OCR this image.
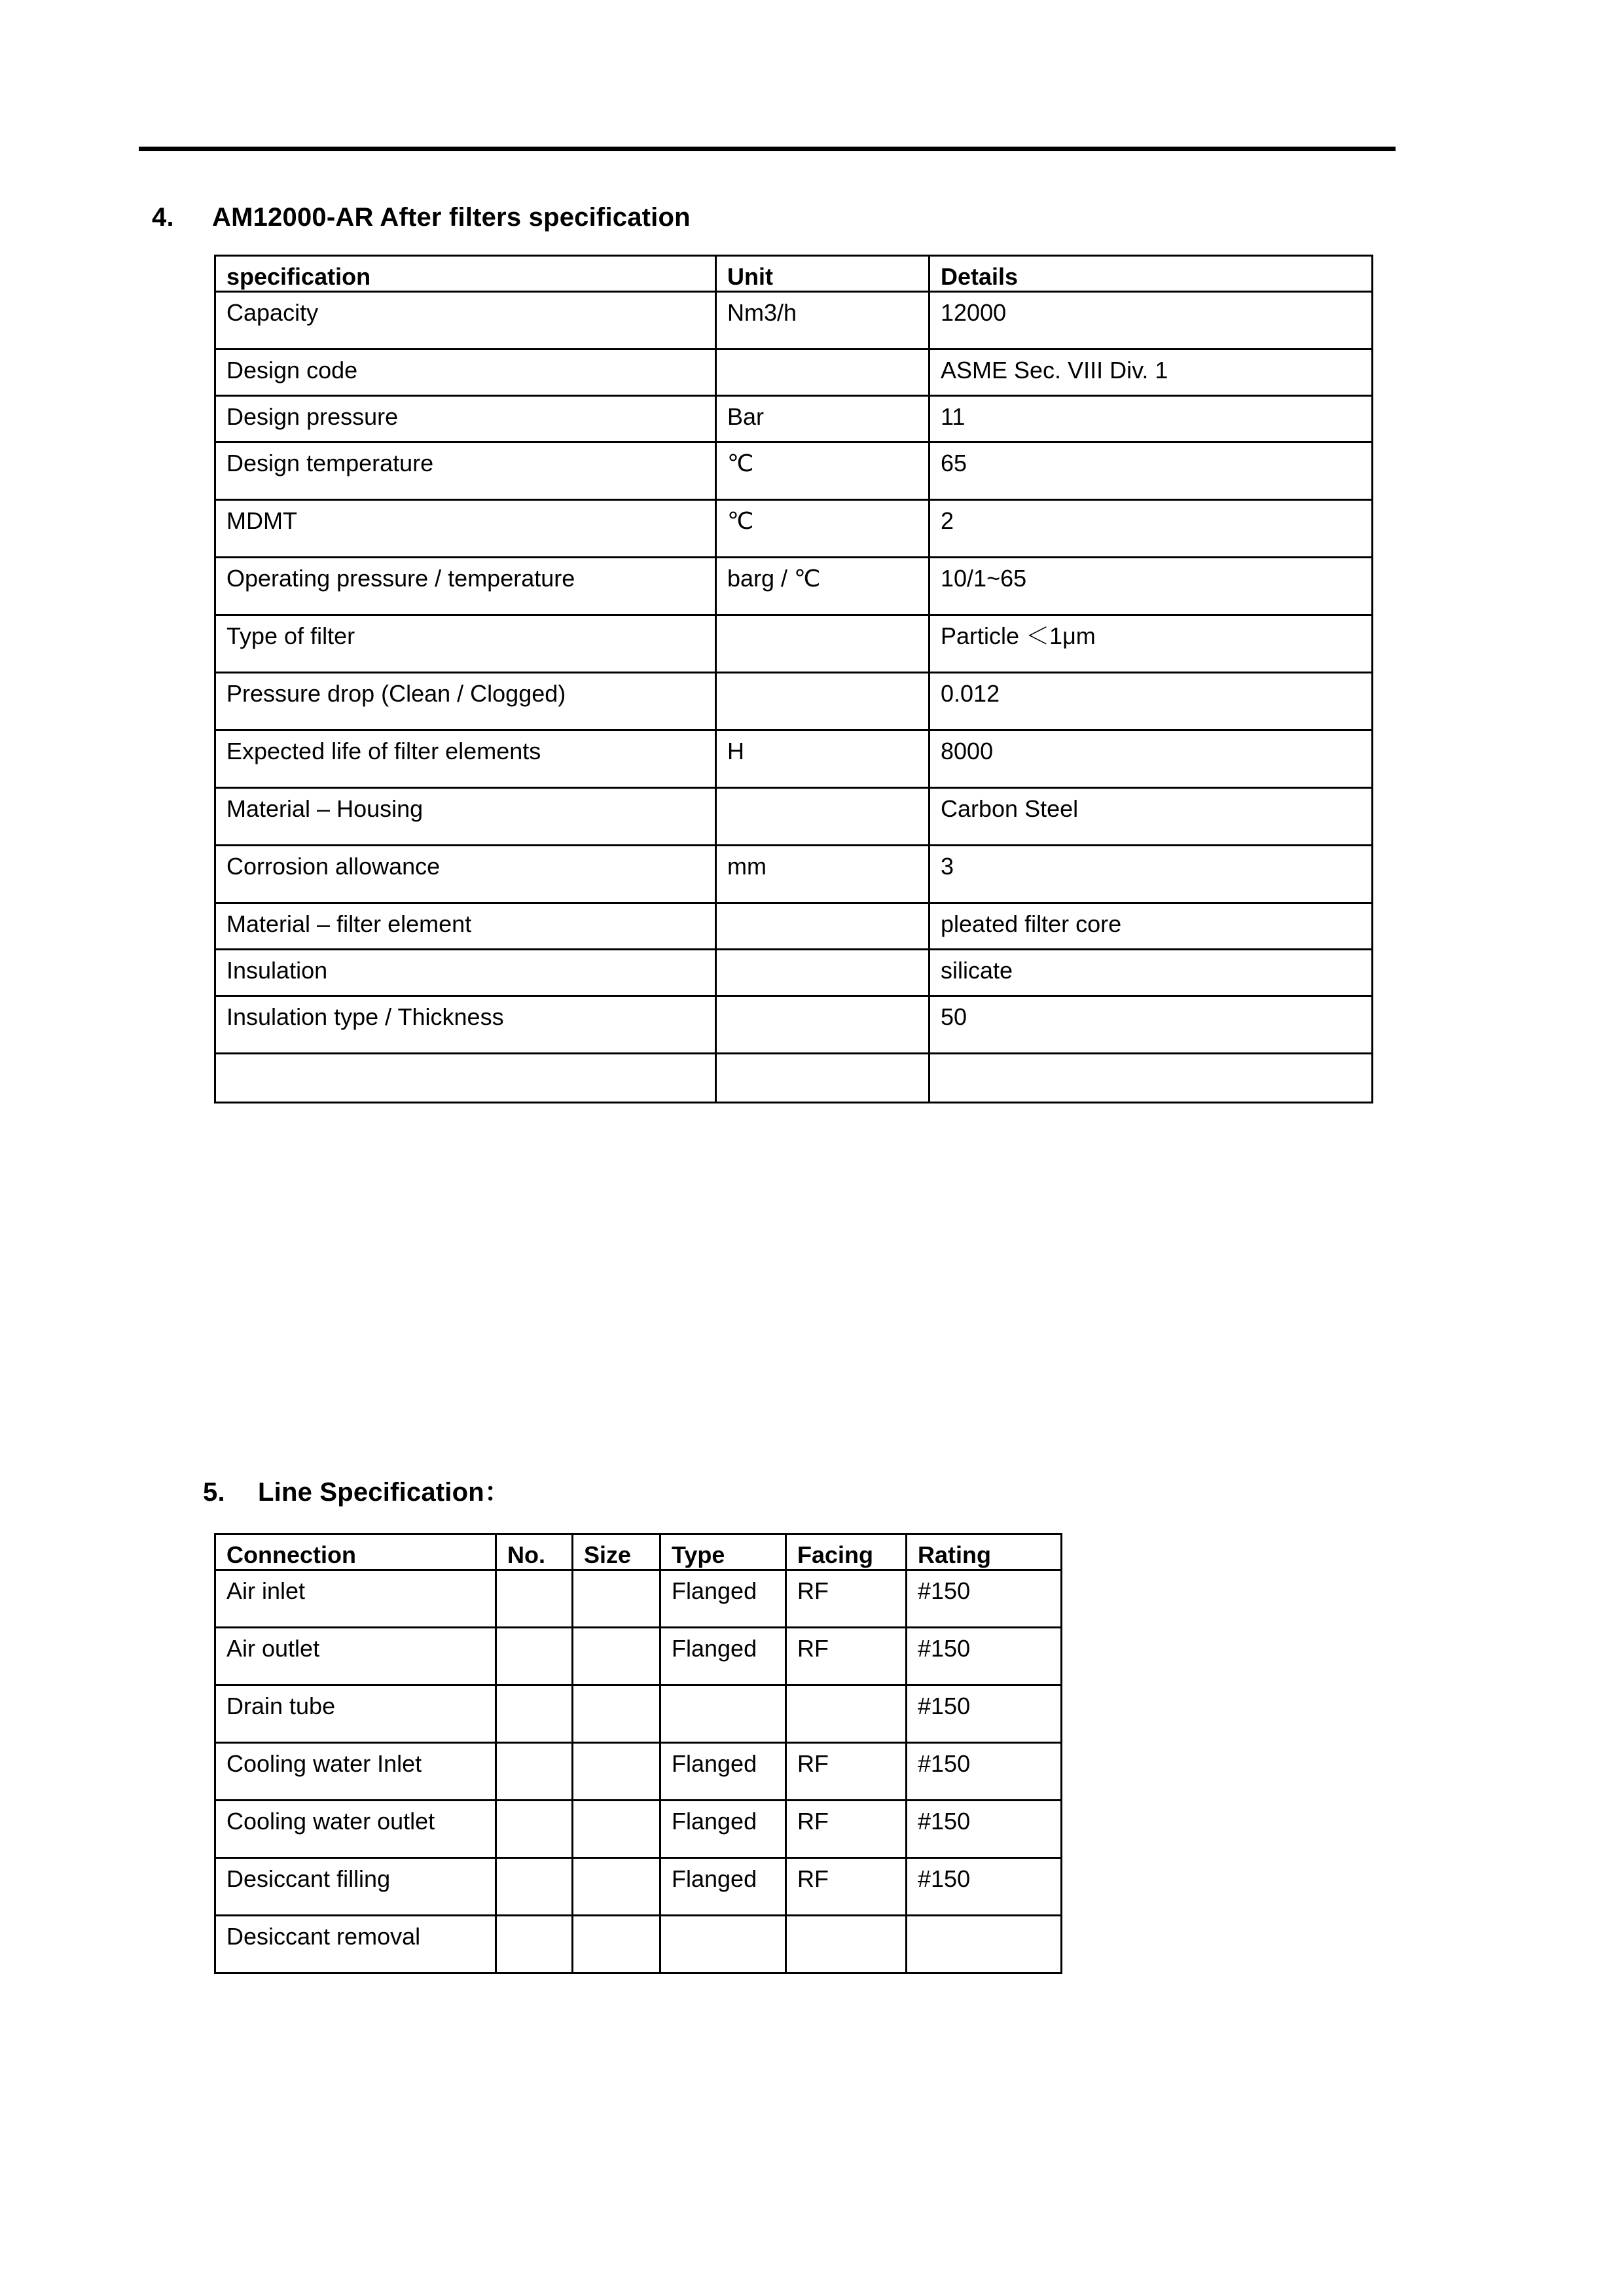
4.	AM12000-AR After filters specification
specification	Unit	Details
Capacity	Nm3/h	12000
Design code		ASME Sec. VIII Div. 1
Design pressure	Bar	11
Design temperature	℃	65
MDMT	℃	2
Operating pressure / temperature	barg / ℃	10/1~65
Type of filter		Particle ＜1μm
Pressure drop (Clean / Clogged)		0.012
Expected life of filter elements	H	8000
Material – Housing		Carbon Steel
Corrosion allowance	mm	3
Material – filter element		pleated filter core
Insulation		silicate
Insulation type / Thickness		50

5.	Line Specification：
Connection	No.	Size	Type	Facing	Rating
Air inlet			Flanged	RF	#150
Air outlet			Flanged	RF	#150
Drain tube					#150
Cooling water Inlet			Flanged	RF	#150
Cooling water outlet			Flanged	RF	#150
Desiccant filling			Flanged	RF	#150
Desiccant removal					
